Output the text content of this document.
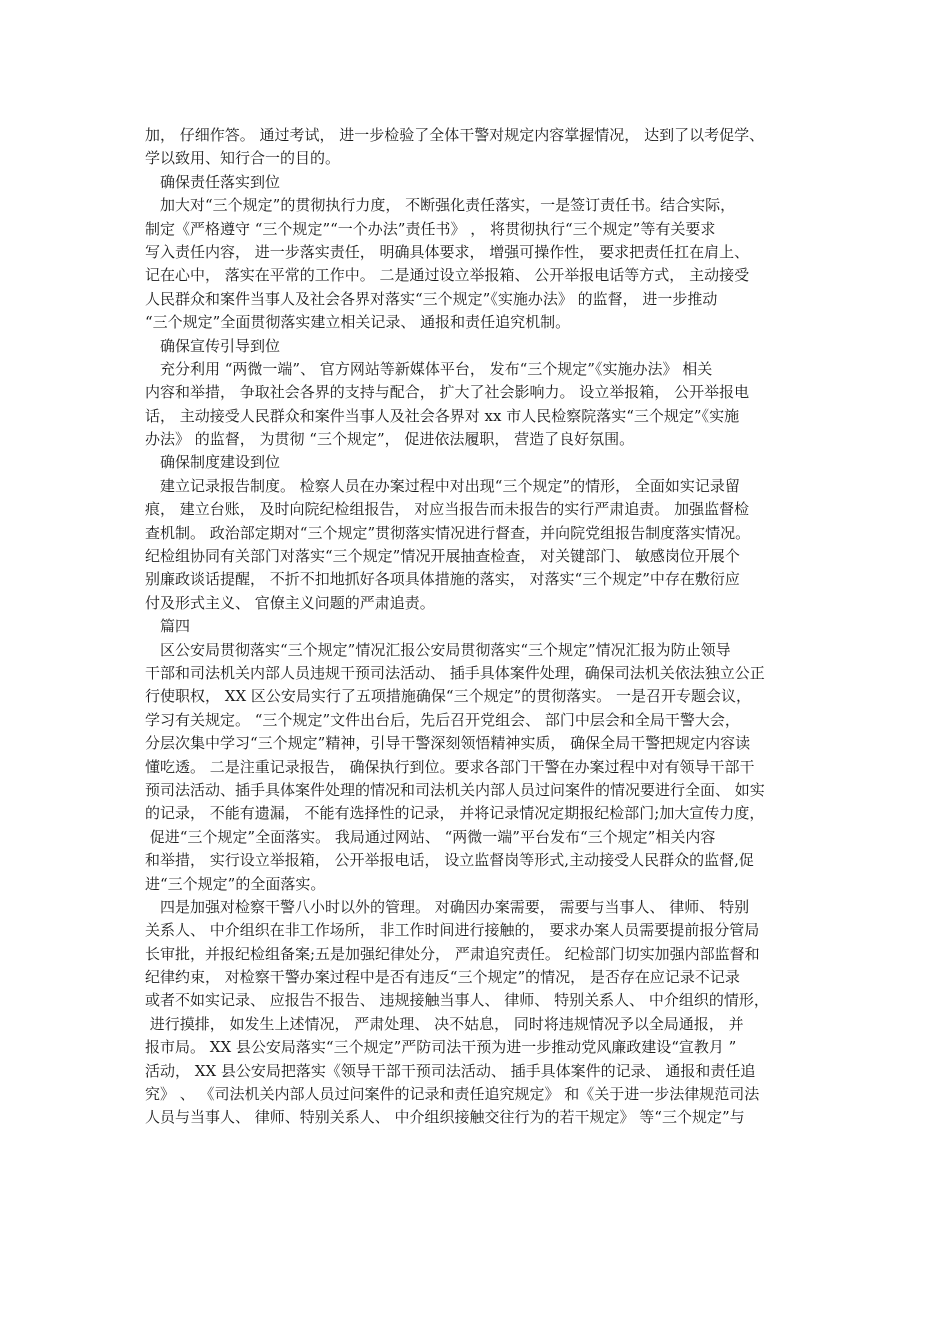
加， 仔细作答。 通过考试， 进一步检验了全体干警对规定内容掌握情况， 达到了以考促学、

学以致用、知行合一的目的。

确保责任落实到位

加大对“三个规定”的贯彻执行力度， 不断强化责任落实，一是签订责任书。结合实际，

制定《严格遵守 “三个规定”“一个办法”责任书》 ， 将贯彻执行“三个规定”等有关要求

写入责任内容， 进一步落实责任， 明确具体要求， 增强可操作性， 要求把责任扛在肩上、

记在心中， 落实在平常的工作中。 二是通过设立举报箱、 公开举报电话等方式， 主动接受

人民群众和案件当事人及社会各界对落实“三个规定”《实施办法》 的监督， 进一步推动

“三个规定”全面贯彻落实建立相关记录、 通报和责任追究机制。

确保宣传引导到位

充分利用 “两微一端”、 官方网站等新媒体平台， 发布“三个规定”《实施办法》 相关

内容和举措， 争取社会各界的支持与配合， 扩大了社会影响力。 设立举报箱， 公开举报电

话， 主动接受人民群众和案件当事人及社会各界对 xx 市人民检察院落实“三个规定”《实施

办法》 的监督， 为贯彻 “三个规定”， 促进依法履职， 营造了良好氛围。

确保制度建设到位

建立记录报告制度。 检察人员在办案过程中对出现“三个规定”的情形， 全面如实记录留

痕， 建立台账， 及时向院纪检组报告， 对应当报告而未报告的实行严肃追责。 加强监督检

查机制。 政治部定期对“三个规定”贯彻落实情况进行督查，并向院党组报告制度落实情况。

纪检组协同有关部门对落实“三个规定”情况开展抽查检查， 对关键部门、 敏感岗位开展个

别廉政谈话提醒， 不折不扣地抓好各项具体措施的落实， 对落实“三个规定”中存在敷衍应

付及形式主义、 官僚主义问题的严肃追责。

篇四

区公安局贯彻落实“三个规定”情况汇报公安局贯彻落实“三个规定”情况汇报为防止领导

干部和司法机关内部人员违规干预司法活动、 插手具体案件处理，确保司法机关依法独立公正

行使职权， XX 区公安局实行了五项措施确保“三个规定”的贯彻落实。 一是召开专题会议，

学习有关规定。 “三个规定”文件出台后，先后召开党组会、 部门中层会和全局干警大会，

分层次集中学习“三个规定”精神，引导干警深刻领悟精神实质， 确保全局干警把规定内容读

懂吃透。 二是注重记录报告， 确保执行到位。要求各部门干警在办案过程中对有领导干部干

预司法活动、插手具体案件处理的情况和司法机关内部人员过问案件的情况要进行全面、 如实

的记录， 不能有遗漏， 不能有选择性的记录， 并将记录情况定期报纪检部门;加大宣传力度，

促进“三个规定”全面落实。 我局通过网站、 “两微一端”平台发布“三个规定”相关内容

和举措， 实行设立举报箱， 公开举报电话， 设立监督岗等形式,主动接受人民群众的监督,促

进“三个规定”的全面落实。

四是加强对检察干警八小时以外的管理。 对确因办案需要， 需要与当事人、 律师、 特别

关系人、 中介组织在非工作场所， 非工作时间进行接触的， 要求办案人员需要提前报分管局

长审批，并报纪检组备案;五是加强纪律处分， 严肃追究责任。 纪检部门切实加强内部监督和

纪律约束， 对检察干警办案过程中是否有违反“三个规定”的情况， 是否存在应记录不记录

或者不如实记录、 应报告不报告、 违规接触当事人、 律师、 特别关系人、 中介组织的情形，

进行摸排， 如发生上述情况， 严肃处理、 决不姑息， 同时将违规情况予以全局通报， 并

报市局。 XX 县公安局落实“三个规定”严防司法干预为进一步推动党风廉政建设“宣教月 ”

活动， XX 县公安局把落实《领导干部干预司法活动、 插手具体案件的记录、 通报和责任追

究》 、 《司法机关内部人员过问案件的记录和责任追究规定》 和《关于进一步法律规范司法

人员与当事人、 律师、特别关系人、 中介组织接触交往行为的若干规定》 等“三个规定”与
